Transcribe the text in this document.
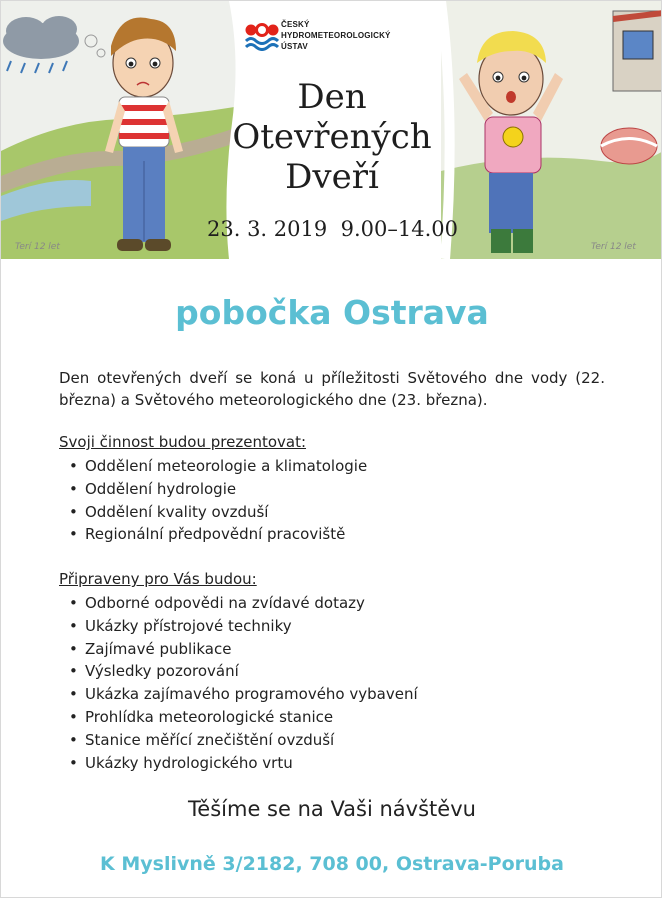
Terí 12 let	Terí 12 let
ČESKÝ
HYDROMETEOROLOGICKÝ
ÚSTAV
Den
Otevřených
Dveří
23. 3. 2019 9.00–14.00
pobočka Ostrava
Den otevřených dveří se koná u příležitosti Světového dne vody (22. března) a Světového meteorologického dne (23. března).
Svoji činnost budou prezentovat:
• Oddělení meteorologie a klimatologie
• Oddělení hydrologie
• Oddělení kvality ovzduší
• Regionální předpovědní pracoviště
Připraveny pro Vás budou:
• Odborné odpovědi na zvídavé dotazy
• Ukázky přístrojové techniky
• Zajímavé publikace
• Výsledky pozorování
• Ukázka zajímavého programového vybavení
• Prohlídka meteorologické stanice
• Stanice měřící znečištění ovzduší
• Ukázky hydrologického vrtu
Těšíme se na Vaši návštěvu
K Myslivně 3/2182, 708 00, Ostrava-Poruba
